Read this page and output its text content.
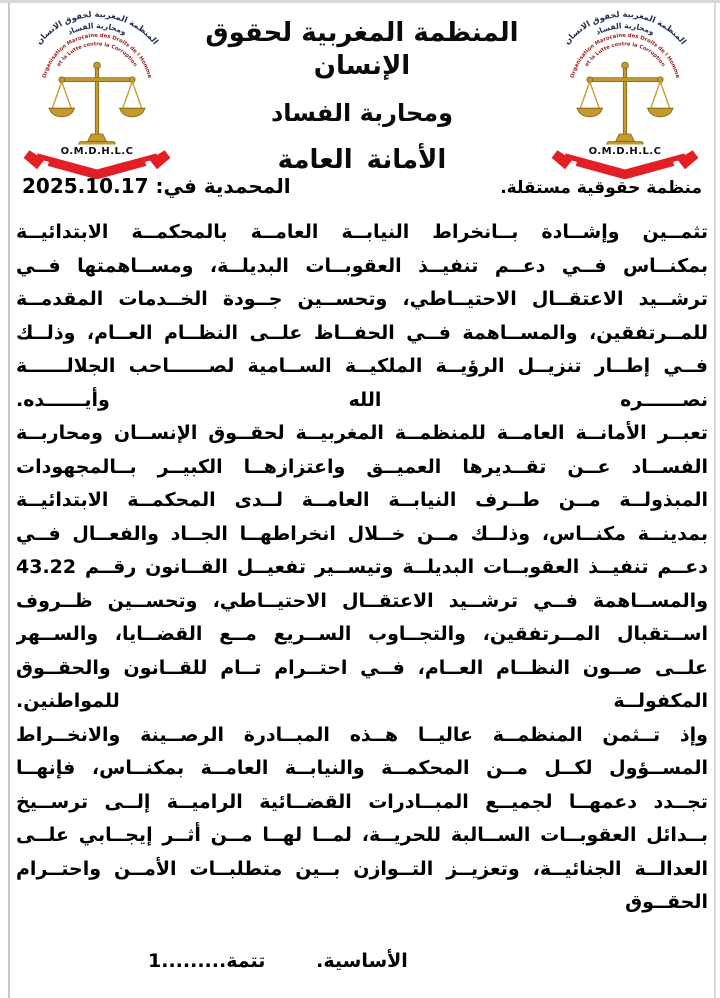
المنظمة المغربية لحقوق الإنسان
ومحاربة الفساد
الأمانة العامة
منظمة حقوقية مستقلة.
المحمدية في: 2025.10.17

تثمــين وإشــادة بــانخراط النيابــة العامــة بالمحكمــة الابتدائيــة بمكنــاس فــي دعــم تنفيــذ العقوبــات البديلــة، ومســاهمتها فــي ترشــيد الاعتقــال الاحتيــاطي، وتحســين جــودة الخــدمات المقدمــة للمــرتفقين، والمســاهمة فــي الحفــاظ علــى النظــام العــام، وذلــك فــي إطــار تنزيــل الرؤيــة الملكيــة الســامية لصــــــاحب الجلالــــــة نصــــــره الله وأيــــــده.

تعبــر الأمانــة العامــة للمنظمــة المغربيــة لحقــوق الإنســان ومحاربــة الفســاد عــن تقــديرها العميــق واعتزازهــا الكبيــر بــالمجهودات المبذولــة مــن طــرف النيابــة العامــة لــدى المحكمــة الابتدائيــة بمدينــة مكنــاس، وذلــك مــن خــلال انخراطهــا الجــاد والفعــال فــي دعــم تنفيــذ العقوبــات البديلــة وتيســير تفعيــل القــانون رقــم 43.22 والمســاهمة فــي ترشــيد الاعتقــال الاحتيــاطي، وتحســين ظــروف اســتقبال المــرتفقين، والتجــاوب الســريع مــع القضــايا، والســهر علــى صــون النظــام العــام، فــي احتــرام تــام للقــانون والحقــوق المكفولــة للمواطنين.

وإذ تــثمن المنظمــة عاليــا هــذه المبــادرة الرصــينة والانخــراط المســؤول لكــل مــن المحكمــة والنيابــة العامــة بمكنــاس، فإنهــا تجــدد دعمهــا لجميــع المبــادرات القضــائية الراميــة إلــى ترســيخ بــدائل العقوبــات الســالبة للحريــة، لمــا لهــا مــن أثــر إيجــابي علــى العدالــة الجنائيــة، وتعزيــز التــوازن بــين متطلبــات الأمــن واحتــرام الحقــوق

الأساسية.
تتمة.........1
